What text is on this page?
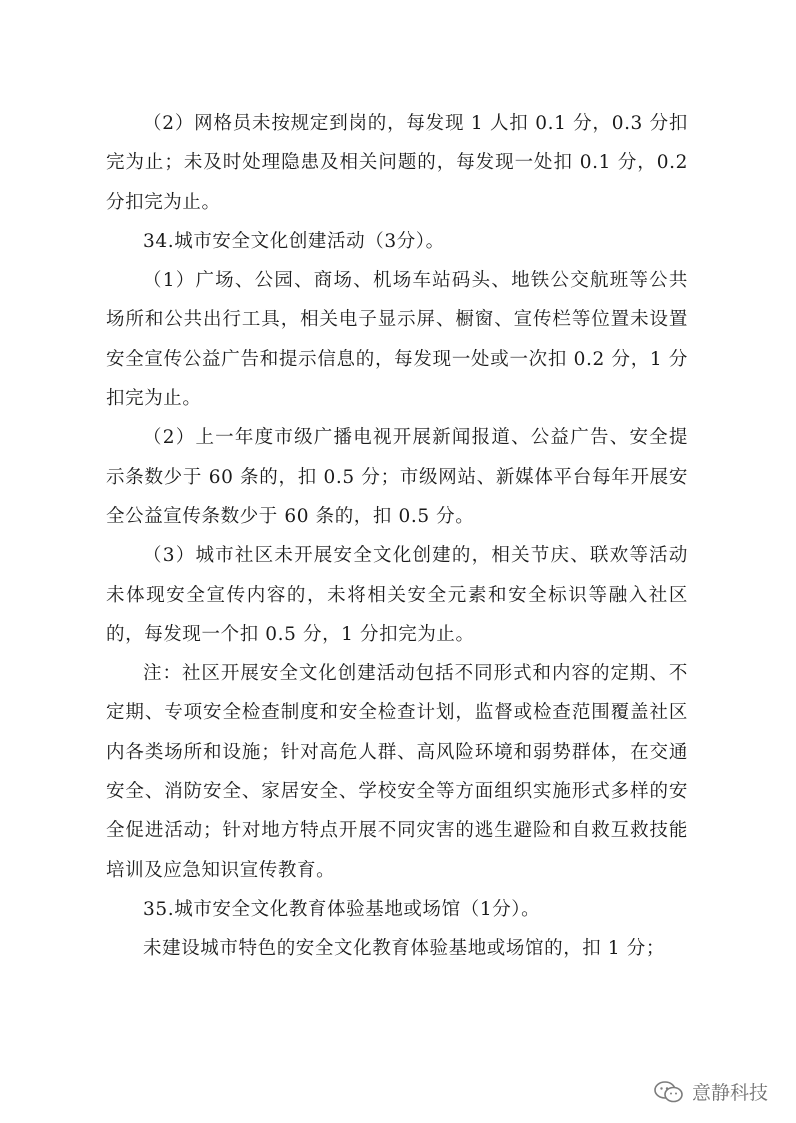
（2）网格员未按规定到岗的，每发现 1 人扣 0.1 分，0.3 分扣完为止；未及时处理隐患及相关问题的，每发现一处扣 0.1 分，0.2 分扣完为止。

34.城市安全文化创建活动（3分）。

（1）广场、公园、商场、机场车站码头、地铁公交航班等公共场所和公共出行工具，相关电子显示屏、橱窗、宣传栏等位置未设置安全宣传公益广告和提示信息的，每发现一处或一次扣 0.2 分，1 分扣完为止。

（2）上一年度市级广播电视开展新闻报道、公益广告、安全提示条数少于 60 条的，扣 0.5 分；市级网站、新媒体平台每年开展安全公益宣传条数少于 60 条的，扣 0.5 分。

（3）城市社区未开展安全文化创建的，相关节庆、联欢等活动未体现安全宣传内容的，未将相关安全元素和安全标识等融入社区的，每发现一个扣 0.5 分，1 分扣完为止。

注：社区开展安全文化创建活动包括不同形式和内容的定期、不定期、专项安全检查制度和安全检查计划，监督或检查范围覆盖社区内各类场所和设施；针对高危人群、高风险环境和弱势群体，在交通安全、消防安全、家居安全、学校安全等方面组织实施形式多样的安全促进活动；针对地方特点开展不同灾害的逃生避险和自救互救技能培训及应急知识宣传教育。

35.城市安全文化教育体验基地或场馆（1分）。

未建设城市特色的安全文化教育体验基地或场馆的，扣 1 分；

意静科技
